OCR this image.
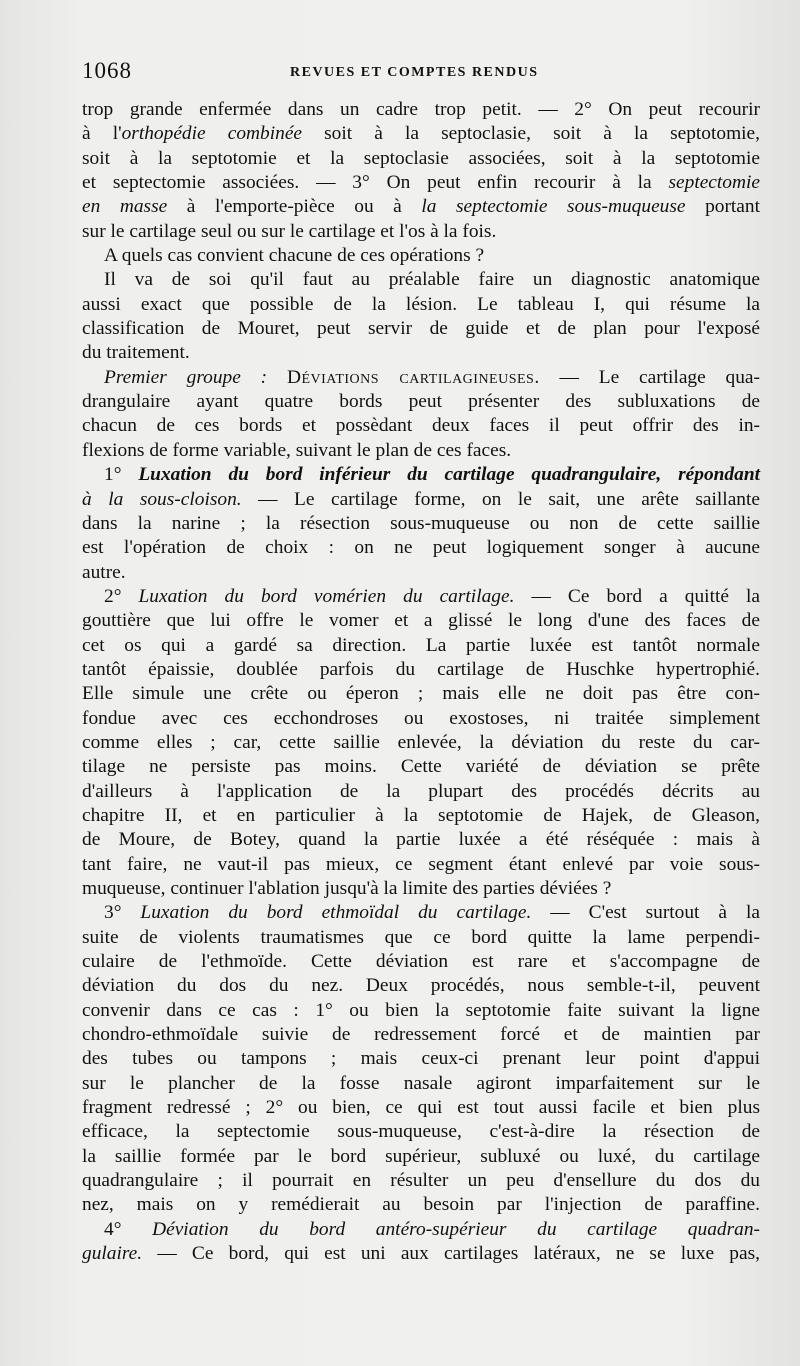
1068	REVUES ET COMPTES RENDUS
trop grande enfermée dans un cadre trop petit. — 2° On peut recourir
à l'orthopédie combinée soit à la septoclasie, soit à la septotomie,
soit à la septotomie et la septoclasie associées, soit à la septotomie
et septectomie associées. — 3° On peut enfin recourir à la septectomie
en masse à l'emporte-pièce ou à la septectomie sous-muqueuse portant
sur le cartilage seul ou sur le cartilage et l'os à la fois.
A quels cas convient chacune de ces opérations ?
Il va de soi qu'il faut au préalable faire un diagnostic anatomique
aussi exact que possible de la lésion. Le tableau I, qui résume la
classification de Mouret, peut servir de guide et de plan pour l'exposé
du traitement.
Premier groupe : Déviations cartilagineuses. — Le cartilage qua-
drangulaire ayant quatre bords peut présenter des subluxations de
chacun de ces bords et possèdant deux faces il peut offrir des in-
flexions de forme variable, suivant le plan de ces faces.
1° Luxation du bord inférieur du cartilage quadrangulaire, répondant
à la sous-cloison. — Le cartilage forme, on le sait, une arête saillante
dans la narine ; la résection sous-muqueuse ou non de cette saillie
est l'opération de choix : on ne peut logiquement songer à aucune
autre.
2° Luxation du bord vomérien du cartilage. — Ce bord a quitté la
gouttière que lui offre le vomer et a glissé le long d'une des faces de
cet os qui a gardé sa direction. La partie luxée est tantôt normale
tantôt épaissie, doublée parfois du cartilage de Huschke hypertrophié.
Elle simule une crête ou éperon ; mais elle ne doit pas être con-
fondue avec ces ecchondroses ou exostoses, ni traitée simplement
comme elles ; car, cette saillie enlevée, la déviation du reste du car-
tilage ne persiste pas moins. Cette variété de déviation se prête
d'ailleurs à l'application de la plupart des procédés décrits au
chapitre II, et en particulier à la septotomie de Hajek, de Gleason,
de Moure, de Botey, quand la partie luxée a été réséquée : mais à
tant faire, ne vaut-il pas mieux, ce segment étant enlevé par voie sous-
muqueuse, continuer l'ablation jusqu'à la limite des parties déviées ?
3° Luxation du bord ethmoïdal du cartilage. — C'est surtout à la
suite de violents traumatismes que ce bord quitte la lame perpendi-
culaire de l'ethmoïde. Cette déviation est rare et s'accompagne de
déviation du dos du nez. Deux procédés, nous semble-t-il, peuvent
convenir dans ce cas : 1° ou bien la septotomie faite suivant la ligne
chondro-ethmoïdale suivie de redressement forcé et de maintien par
des tubes ou tampons ; mais ceux-ci prenant leur point d'appui
sur le plancher de la fosse nasale agiront imparfaitement sur le
fragment redressé ; 2° ou bien, ce qui est tout aussi facile et bien plus
efficace, la septectomie sous-muqueuse, c'est-à-dire la résection de
la saillie formée par le bord supérieur, subluxé ou luxé, du cartilage
quadrangulaire ; il pourrait en résulter un peu d'ensellure du dos du
nez, mais on y remédierait au besoin par l'injection de paraffine.
4° Déviation du bord antéro-supérieur du cartilage quadran-
gulaire. — Ce bord, qui est uni aux cartilages latéraux, ne se luxe pas,
